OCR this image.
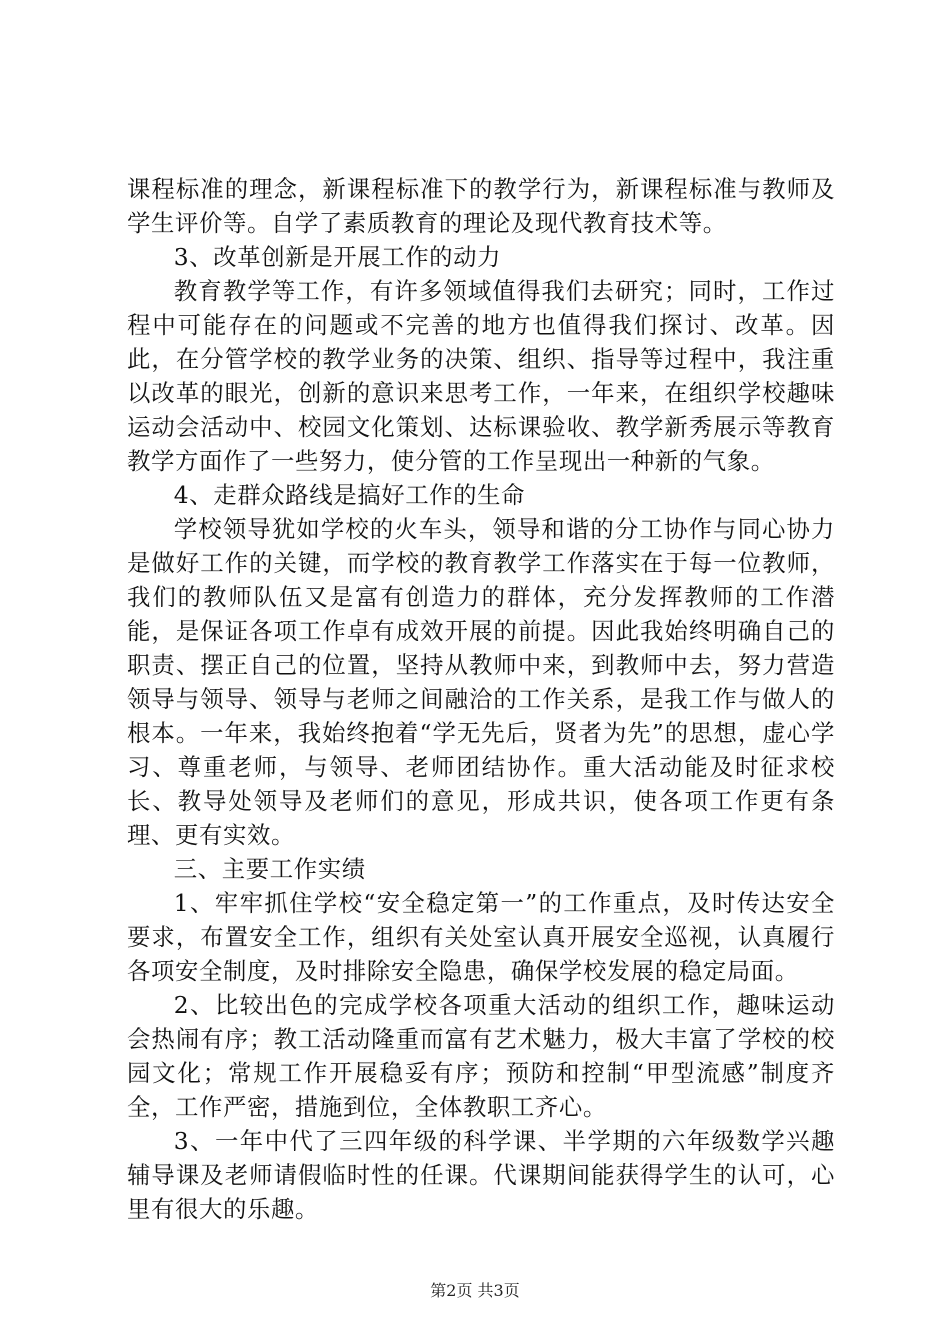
课程标准的理念，新课程标准下的教学行为，新课程标准与教师及学生评价等。自学了素质教育的理论及现代教育技术等。

3、改革创新是开展工作的动力

教育教学等工作，有许多领域值得我们去研究；同时，工作过程中可能存在的问题或不完善的地方也值得我们探讨、改革。因此，在分管学校的教学业务的决策、组织、指导等过程中，我注重以改革的眼光，创新的意识来思考工作，一年来，在组织学校趣味运动会活动中、校园文化策划、达标课验收、教学新秀展示等教育教学方面作了一些努力，使分管的工作呈现出一种新的气象。

4、走群众路线是搞好工作的生命

学校领导犹如学校的火车头，领导和谐的分工协作与同心协力是做好工作的关键，而学校的教育教学工作落实在于每一位教师，我们的教师队伍又是富有创造力的群体，充分发挥教师的工作潜能，是保证各项工作卓有成效开展的前提。因此我始终明确自己的职责、摆正自己的位置，坚持从教师中来，到教师中去，努力营造领导与领导、领导与老师之间融洽的工作关系，是我工作与做人的根本。一年来，我始终抱着“学无先后，贤者为先”的思想，虚心学习、尊重老师，与领导、老师团结协作。重大活动能及时征求校长、教导处领导及老师们的意见，形成共识，使各项工作更有条理、更有实效。

三、主要工作实绩

1、牢牢抓住学校“安全稳定第一”的工作重点，及时传达安全要求，布置安全工作，组织有关处室认真开展安全巡视，认真履行各项安全制度，及时排除安全隐患，确保学校发展的稳定局面。

2、比较出色的完成学校各项重大活动的组织工作，趣味运动会热闹有序；教工活动隆重而富有艺术魅力，极大丰富了学校的校园文化；常规工作开展稳妥有序；预防和控制“甲型流感”制度齐全，工作严密，措施到位，全体教职工齐心。

3、一年中代了三四年级的科学课、半学期的六年级数学兴趣辅导课及老师请假临时性的任课。代课期间能获得学生的认可，心里有很大的乐趣。

第2页 共3页
